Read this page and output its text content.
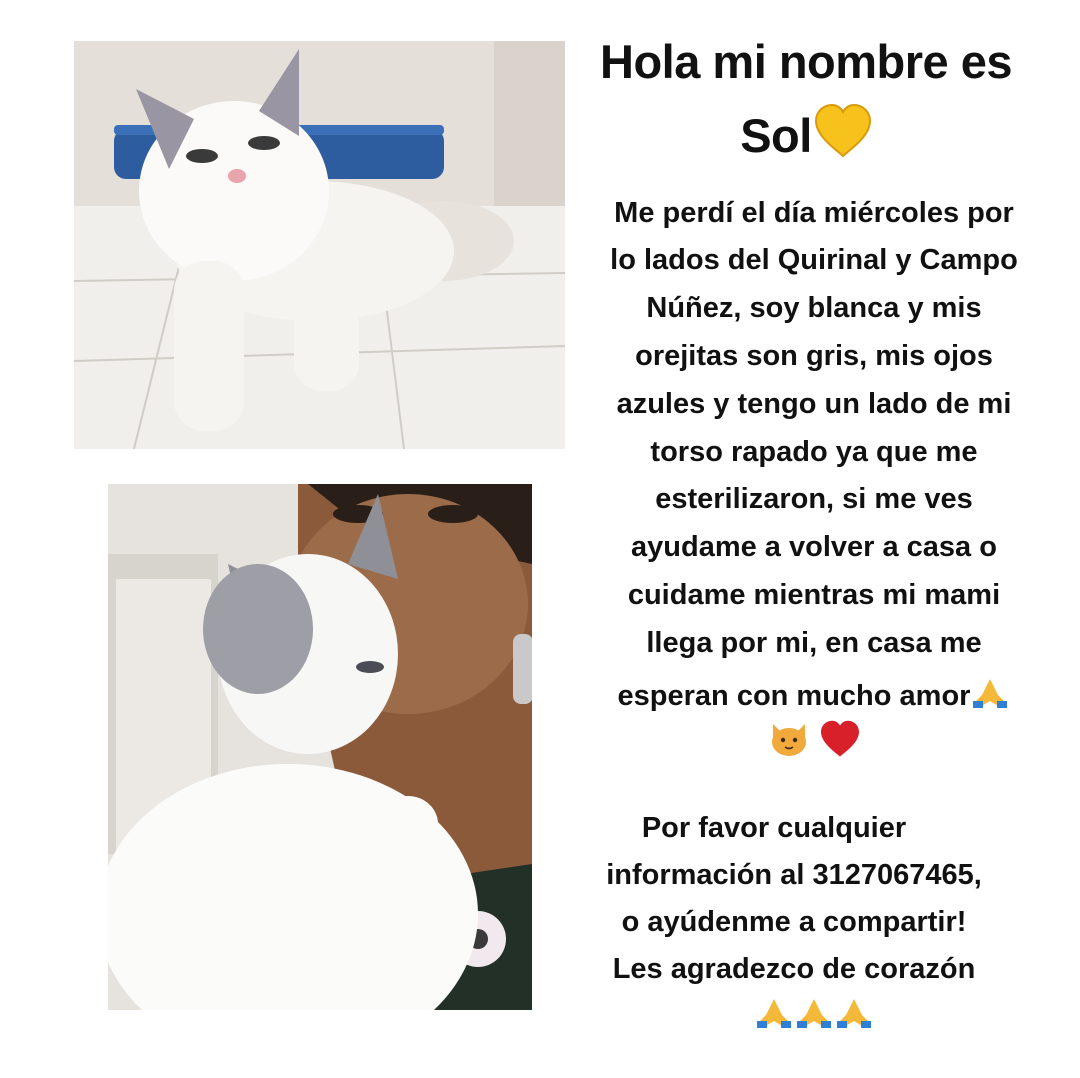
Hola mi nombre es
Sol
Me perdí el día miércoles por
lo lados del Quirinal y Campo
Núñez, soy blanca y mis
orejitas son gris, mis ojos
azules y tengo un lado de mi
torso rapado ya que me
esterilizaron, si me ves
ayudame a volver a casa o
cuidame mientras mi mami
llega por mi, en casa me
esperan con mucho amor

Por favor cualquier
información al 3127067465,
o ayúdenme a compartir!
Les agradezco de corazón
